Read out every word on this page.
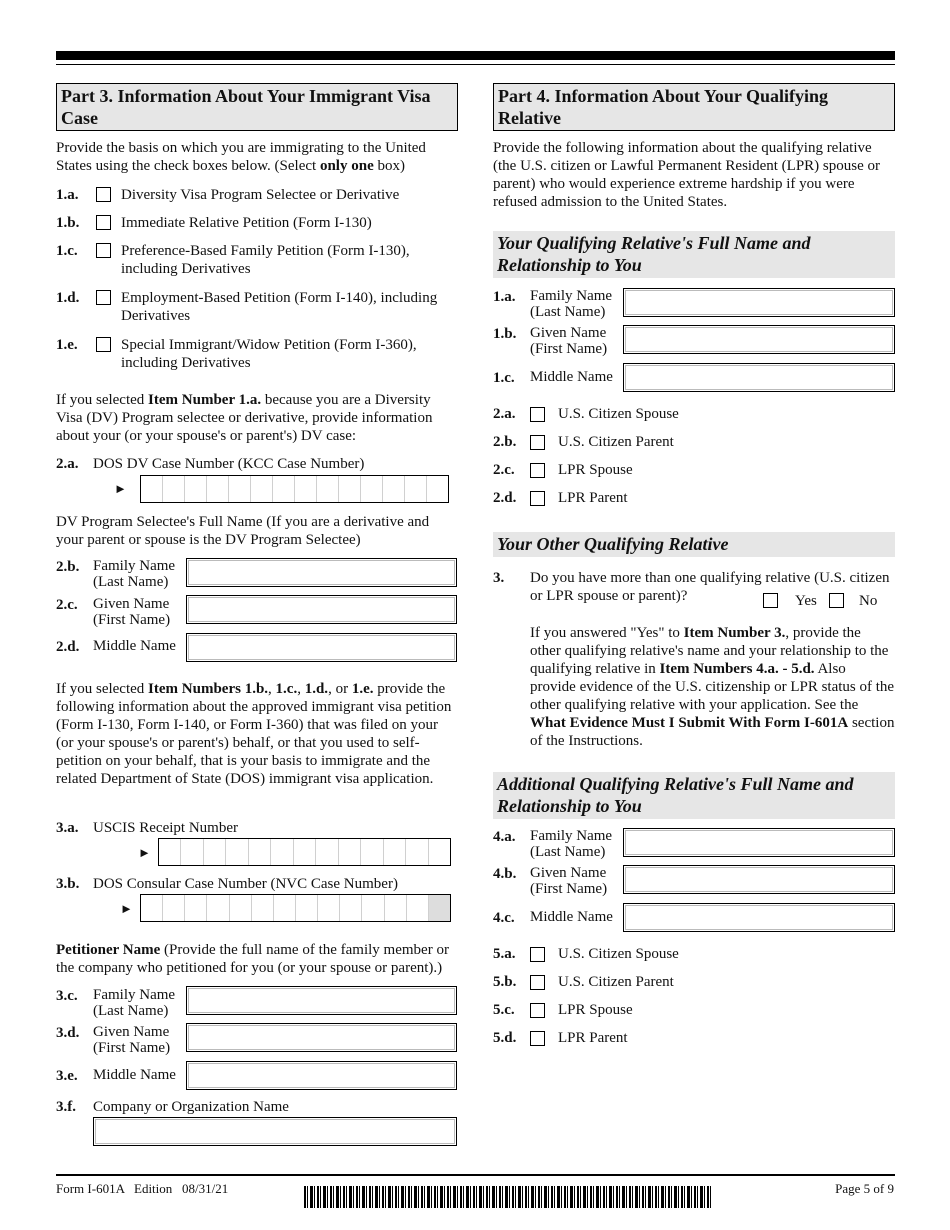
Part 3. Information About Your Immigrant Visa Case

Provide the basis on which you are immigrating to the United States using the check boxes below. (Select only one box)

1.a.	Diversity Visa Program Selectee or Derivative
1.b.	Immediate Relative Petition (Form I-130)
1.c.	Preference-Based Family Petition (Form I-130), including Derivatives
1.d.	Employment-Based Petition (Form I-140), including Derivatives
1.e.	Special Immigrant/Widow Petition (Form I-360), including Derivatives

If you selected Item Number 1.a. because you are a Diversity Visa (DV) Program selectee or derivative, provide information about your (or your spouse's or parent's) DV case:

2.a. DOS DV Case Number (KCC Case Number)
►

DV Program Selectee's Full Name (If you are a derivative and your parent or spouse is the DV Program Selectee)

2.b. Family Name
(Last Name)
2.c. Given Name
(First Name)
2.d. Middle Name

If you selected Item Numbers 1.b., 1.c., 1.d., or 1.e. provide the following information about the approved immigrant visa petition (Form I-130, Form I-140, or Form I-360) that was filed on your (or your spouse's or parent's) behalf, or that you used to self-petition on your behalf, that is your basis to immigrate and the related Department of State (DOS) immigrant visa application.

3.a. USCIS Receipt Number
►
3.b. DOS Consular Case Number (NVC Case Number)
►

Petitioner Name (Provide the full name of the family member or the company who petitioned for you (or your spouse or parent).)

3.c. Family Name
(Last Name)
3.d. Given Name
(First Name)
3.e. Middle Name
3.f. Company or Organization Name
Part 4. Information About Your Qualifying Relative

Provide the following information about the qualifying relative (the U.S. citizen or Lawful Permanent Resident (LPR) spouse or parent) who would experience extreme hardship if you were refused admission to the United States.

Your Qualifying Relative's Full Name and Relationship to You
1.a. Family Name
(Last Name)
1.b. Given Name
(First Name)
1.c. Middle Name
2.a.	U.S. Citizen Spouse
2.b.	U.S. Citizen Parent
2.c.	LPR Spouse
2.d.	LPR Parent
Your Other Qualifying Relative
3. Do you have more than one qualifying relative (U.S. citizen or LPR spouse or parent)?	Yes	No

If you answered "Yes" to Item Number 3., provide the other qualifying relative's name and your relationship to the qualifying relative in Item Numbers 4.a. - 5.d. Also provide evidence of the U.S. citizenship or LPR status of the other qualifying relative with your application. See the What Evidence Must I Submit With Form I-601A section of the Instructions.

Additional Qualifying Relative's Full Name and Relationship to You
4.a. Family Name
(Last Name)
4.b. Given Name
(First Name)
4.c. Middle Name
5.a.	U.S. Citizen Spouse
5.b.	U.S. Citizen Parent
5.c.	LPR Spouse
5.d.	LPR Parent
Form I-601A   Edition   08/31/21	Page 5 of 9
